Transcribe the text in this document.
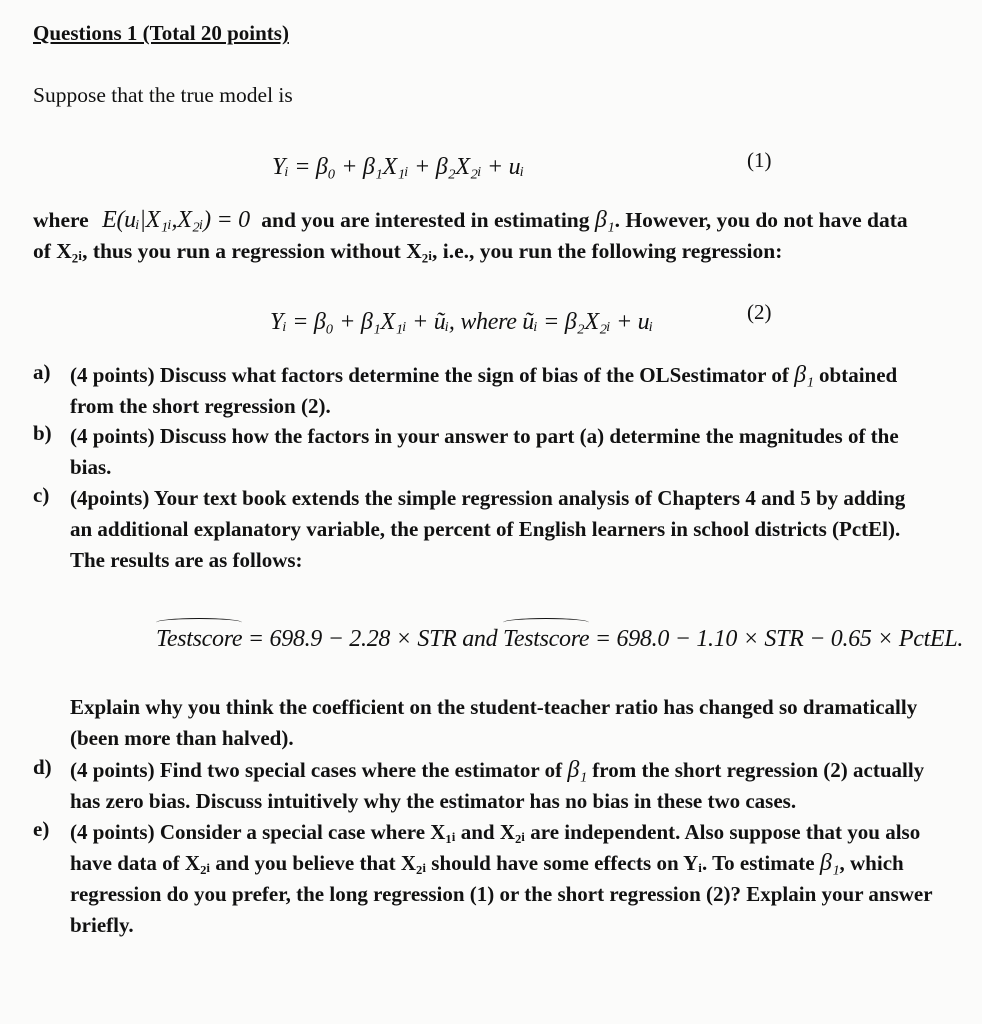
Questions 1 (Total 20 points)
Suppose that the true model is
Yᵢ = β₀ + β₁X₁ᵢ + β₂X₂ᵢ + uᵢ	(1)
where E(uᵢ|X₁ᵢ,X₂ᵢ) = 0 and you are interested in estimating β₁. However, you do not have data
of X₂ᵢ, thus you run a regression without X₂ᵢ, i.e., you run the following regression:
Yᵢ = β₀ + β₁X₁ᵢ + ũᵢ, where ũᵢ = β₂X₂ᵢ + uᵢ	(2)
a) (4 points) Discuss what factors determine the sign of bias of the OLSestimator of β₁ obtained
from the short regression (2).
b) (4 points) Discuss how the factors in your answer to part (a) determine the magnitudes of the
bias.
c) (4points) Your text book extends the simple regression analysis of Chapters 4 and 5 by adding
an additional explanatory variable, the percent of English learners in school districts (PctEl).
The results are as follows:
Testscore = 698.9 − 2.28 × STR and Testscore = 698.0 − 1.10 × STR − 0.65 × PctEL.
Explain why you think the coefficient on the student-teacher ratio has changed so dramatically
(been more than halved).
d) (4 points) Find two special cases where the estimator of β₁ from the short regression (2) actually
has zero bias. Discuss intuitively why the estimator has no bias in these two cases.
e) (4 points) Consider a special case where X₁ᵢ and X₂ᵢ are independent. Also suppose that you also
have data of X₂ᵢ and you believe that X₂ᵢ should have some effects on Yᵢ. To estimate β₁, which
regression do you prefer, the long regression (1) or the short regression (2)? Explain your answer
briefly.
